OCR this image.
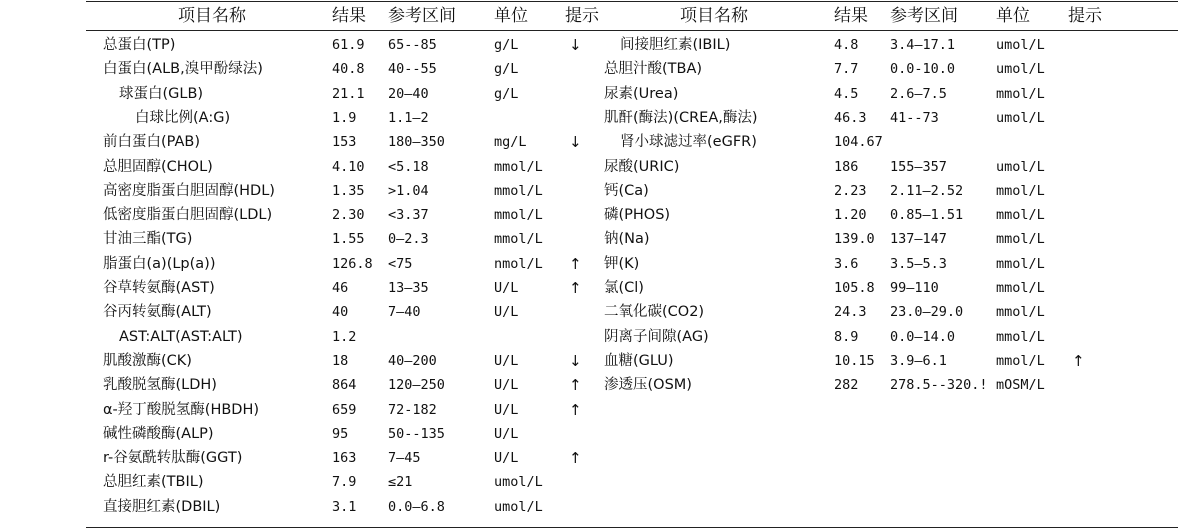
项目名称	结果 参考区间 单位 提示	项目名称	结果 参考区间 单位 提示
总蛋白(TP)	61.9 65--85	g/L	↓
白蛋白(ALB,溴甲酚绿法)	40.8 40--55	g/L
球蛋白(GLB)	21.1 20—40	g/L
白球比例(A:G)	1.9 1.1—2
前白蛋白(PAB)	153 180—350	mg/L	↓
总胆固醇(CHOL)	4.10 <5.18	mmol/L
高密度脂蛋白胆固醇(HDL)	1.35 >1.04	mmol/L
低密度脂蛋白胆固醇(LDL)	2.30 <3.37	mmol/L
甘油三酯(TG)	1.55 0—2.3	mmol/L
脂蛋白(a)(Lp(a))	126.8 <75	nmol/L ↑
谷草转氨酶(AST)	46	13—35	U/L	↑
谷丙转氨酶(ALT)	40	7—40	U/L
AST:ALT(AST:ALT)	1.2
肌酸激酶(CK)	18	40—200	U/L	↓
乳酸脱氢酶(LDH)	864 120—250	U/L	↑
α-羟丁酸脱氢酶(HBDH)	659 72-182	U/L	↑
碱性磷酸酶(ALP)	95	50--135	U/L
r-谷氨酰转肽酶(GGT)	163 7—45	U/L	↑
总胆红素(TBIL)	7.9 ≤21	umol/L
直接胆红素(DBIL)	3.1 0.0—6.8	umol/L
间接胆红素(IBIL)	4.8 3.4—17.1	umol/L
总胆汁酸(TBA)	7.7 0.0-10.0	umol/L
尿素(Urea)	4.5 2.6—7.5	mmol/L
肌酐(酶法)(CREA,酶法)	46.3 41--73	umol/L
肾小球滤过率(eGFR)	104.67
尿酸(URIC)	186 155—357	umol/L
钙(Ca)	2.23 2.11—2.52 mmol/L
磷(PHOS)	1.20 0.85—1.51 mmol/L
钠(Na)	139.0 137—147	mmol/L
钾(K)	3.6 3.5—5.3	mmol/L
氯(Cl)	105.8 99—110	mmol/L
二氧化碳(CO2)	24.3 23.0—29.0 mmol/L
阴离子间隙(AG)	8.9 0.0—14.0	mmol/L
血糖(GLU)	10.15 3.9—6.1	mmol/L ↑
渗透压(OSM)	282 278.5--320.! mOSM/L
